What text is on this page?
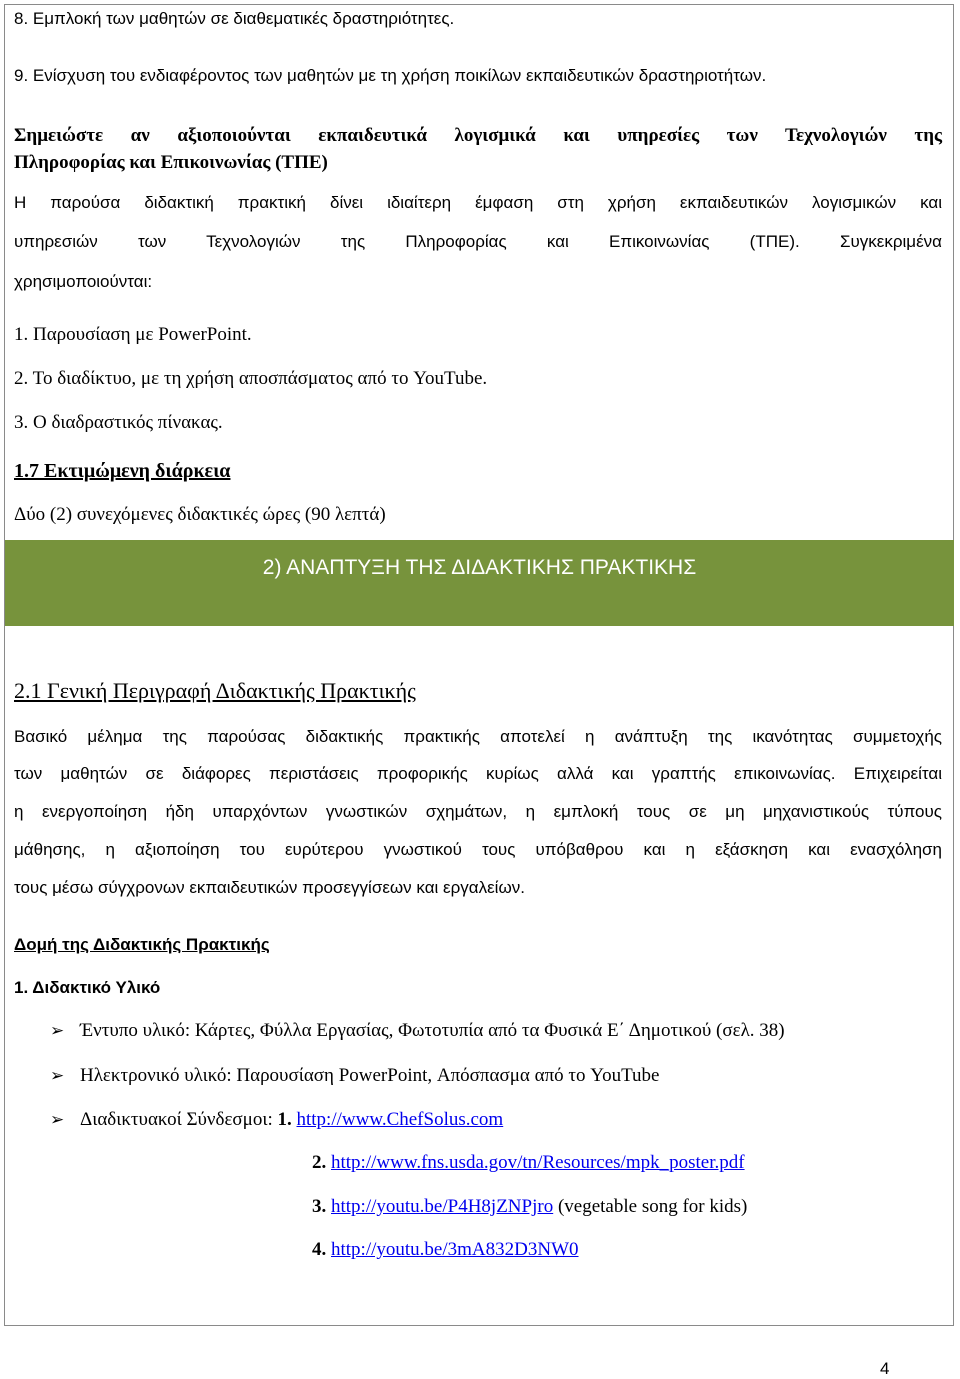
8. Εμπλοκή των μαθητών σε διαθεματικές δραστηριότητες.
9. Ενίσχυση του ενδιαφέροντος των μαθητών με τη χρήση ποικίλων εκπαιδευτικών δραστηριοτήτων.
Σημειώστε αν αξιοποιούνται εκπαιδευτικά λογισμικά και υπηρεσίες των Τεχνολογιών της
Πληροφορίας και Επικοινωνίας (ΤΠΕ)
Η παρούσα διδακτική πρακτική δίνει ιδιαίτερη έμφαση στη χρήση εκπαιδευτικών λογισμικών και
υπηρεσιών των Τεχνολογιών της Πληροφορίας και Επικοινωνίας (ΤΠΕ). Συγκεκριμένα
χρησιμοποιούνται:
1. Παρουσίαση με PowerPoint.
2. Το διαδίκτυο, με τη χρήση αποσπάσματος από το YouTube.
3. Ο διαδραστικός πίνακας.
1.7 Εκτιμώμενη διάρκεια
Δύο (2) συνεχόμενες διδακτικές ώρες (90 λεπτά)
2) ΑΝΑΠΤΥΞΗ ΤΗΣ ΔΙΔΑΚΤΙΚΗΣ ΠΡΑΚΤΙΚΗΣ
2.1 Γενική Περιγραφή Διδακτικής Πρακτικής
Βασικό μέλημα της παρούσας διδακτικής πρακτικής αποτελεί η ανάπτυξη της ικανότητας συμμετοχής
των μαθητών σε διάφορες περιστάσεις προφορικής κυρίως αλλά και γραπτής επικοινωνίας. Επιχειρείται
η ενεργοποίηση ήδη υπαρχόντων γνωστικών σχημάτων, η εμπλοκή τους σε μη μηχανιστικούς τύπους
μάθησης, η αξιοποίηση του ευρύτερου γνωστικού τους υπόβαθρου και η εξάσκηση και ενασχόληση
τους μέσω σύγχρονων εκπαιδευτικών προσεγγίσεων και εργαλείων.
Δομή της Διδακτικής Πρακτικής
1. Διδακτικό Υλικό
➢ Έντυπο υλικό: Κάρτες, Φύλλα Εργασίας, Φωτοτυπία από τα Φυσικά Ε΄ Δημοτικού (σελ. 38)
➢ Ηλεκτρονικό υλικό: Παρουσίαση PowerPoint, Απόσπασμα από το YouTube
➢ Διαδικτυακοί Σύνδεσμοι: 1. http://www.ChefSolus.com
2. http://www.fns.usda.gov/tn/Resources/mpk_poster.pdf
3. http://youtu.be/P4H8jZNPjro (vegetable song for kids)
4. http://youtu.be/3mA832D3NW0
4
